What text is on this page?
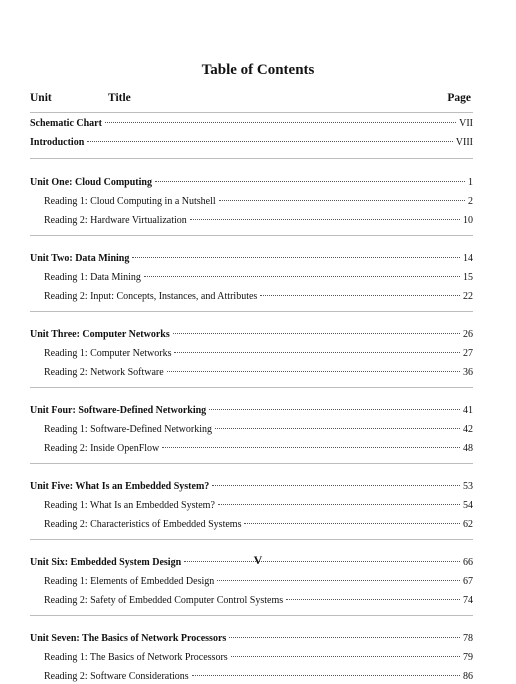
Table of Contents
Unit	Title	Page
Schematic Chart	VII
Introduction	VIII
Unit One: Cloud Computing	1
Reading 1: Cloud Computing in a Nutshell	2
Reading 2: Hardware Virtualization	10
Unit Two: Data Mining	14
Reading 1: Data Mining	15
Reading 2: Input: Concepts, Instances, and Attributes	22
Unit Three: Computer Networks	26
Reading 1: Computer Networks	27
Reading 2: Network Software	36
Unit Four: Software-Defined Networking	41
Reading 1: Software-Defined Networking	42
Reading 2: Inside OpenFlow	48
Unit Five: What Is an Embedded System?	53
Reading 1: What Is an Embedded System?	54
Reading 2: Characteristics of Embedded Systems	62
Unit Six: Embedded System Design	66
Reading 1: Elements of Embedded Design	67
Reading 2: Safety of Embedded Computer Control Systems	74
Unit Seven: The Basics of Network Processors	78
Reading 1: The Basics of Network Processors	79
Reading 2: Software Considerations	86
V
